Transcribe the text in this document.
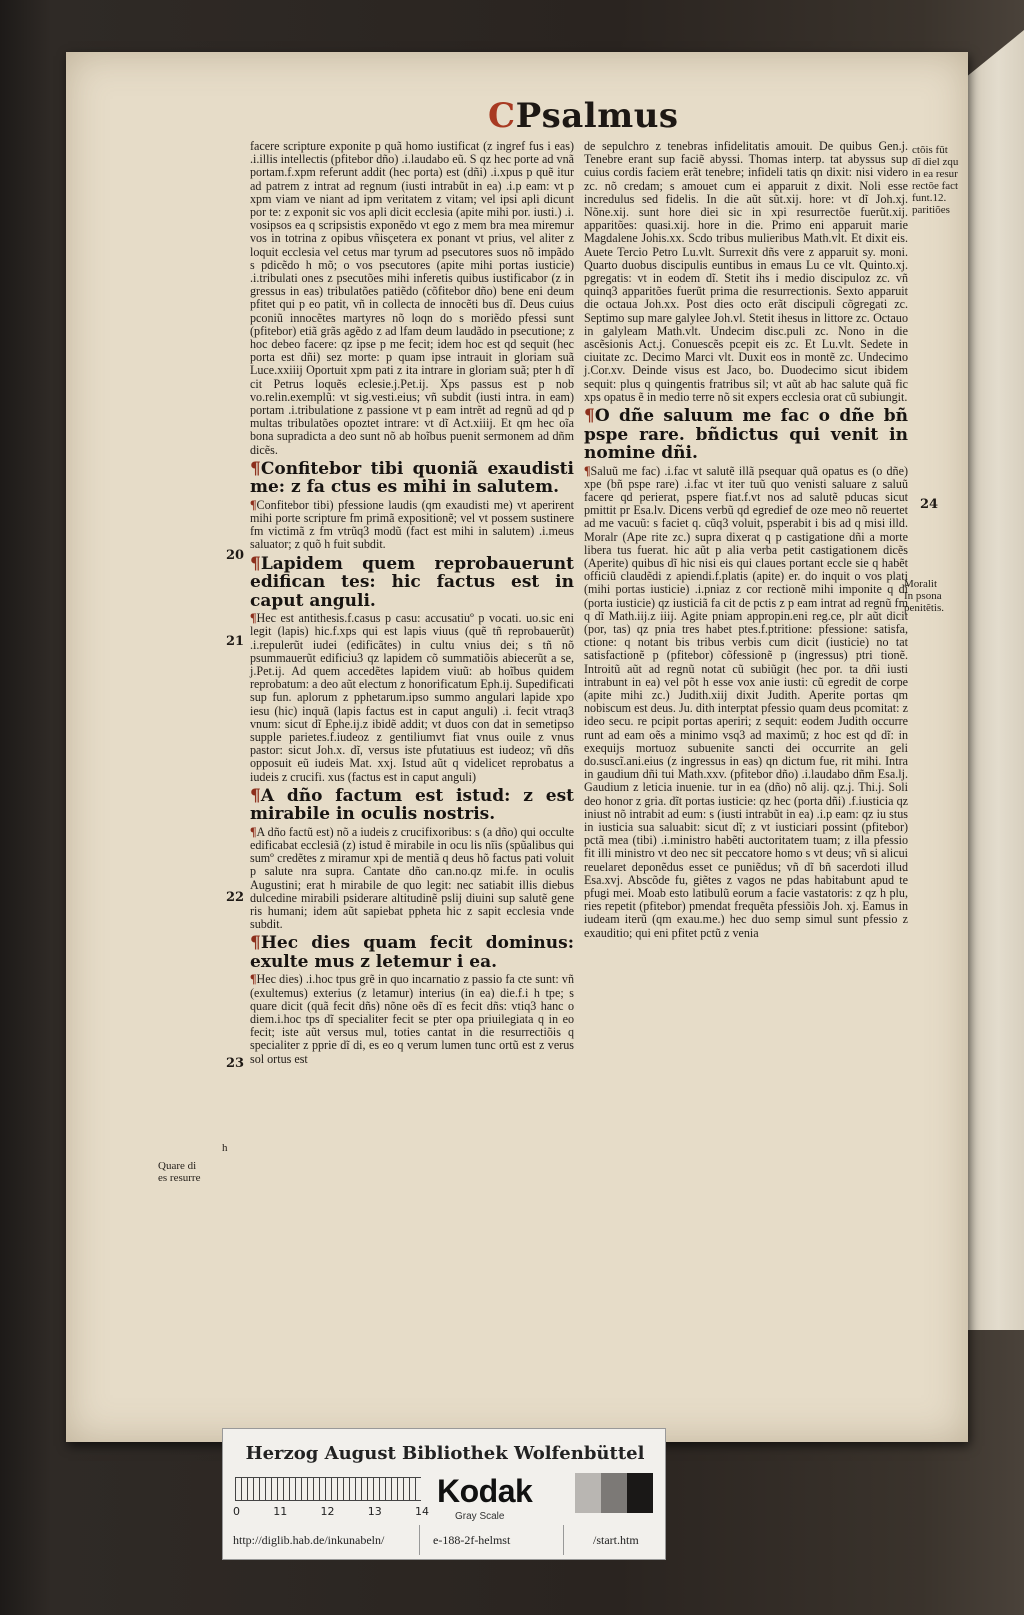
CPsalmus

facere scripture exponite p quã homo iustificat (z ingref fus i eas) .i.illis intellectis (pfitebor dño) .i.laudabo eũ. S qz hec porte ad vnã portam.f.xpm referunt addit (hec porta) est (dñi) .i.xpus p quẽ itur ad patrem z intrat ad regnum (iusti intrabũt in ea) .i.p eam: vt p xpm viam ve niant ad ipm veritatem z vitam; vel ipsi apli dicunt por te: z exponit sic vos apli dicit ecclesia (apite mihi por. iusti.) .i. vosipsos ea q scripsistis exponẽdo vt ego z mem bra mea miremur vos in totrina z opibus vñisçetera ex ponant vt prius, vel aliter z loquit ecclesia vel cetus mar tyrum ad psecutores suos nõ impãdo s pdicẽdo h mõ; o vos psecutores (apite mihi portas iusticie) .i.tribulati ones z psecutões mihi inferetis quibus iustificabor (z in gressus in eas) tribulatões patiẽdo (cõfitebor dño) bene eni deum pfitet qui p eo patit, vñ in collecta de innocẽti bus dĩ. Deus cuius pconiũ innocẽtes martyres nõ loqn do s moriẽdo pfessi sunt (pfitebor) etiã grãs agẽdo z ad lfam deum laudãdo in psecutione; z hoc debeo facere: qz ipse p me fecit; idem hoc est qd sequit (hec porta est dñi) sez morte: p quam ipse intrauit in gloriam suã Luce.xxiiij Oportuit xpm pati z ita intrare in gloriam suã; pter h dĩ cit Petrus loquẽs eclesie.j.Pet.ij. Xps passus est p nob vo.relin.exemplũ: vt sig.vesti.eius; vñ subdit (iusti intra. in eam) portam .i.tribulatione z passione vt p eam intrẽt ad regnũ ad qd p multas tribulatões opoztet intrare: vt dĩ Act.xiiij. Et qm hec oĩa bona supradicta a deo sunt nõ ab hoĩbus puenit sermonem ad dñm dicẽs.

¶Confitebor tibi quoniã exaudisti me: z fa ctus es mihi in salutem.

¶Confitebor tibi) pfessione laudis (qm exaudisti me) vt aperirent mihi porte scripture fm primã expositionẽ; vel vt possem sustinere fm victimã z fm vtrũq3 modũ (fact est mihi in salutem) .i.meus saluator; z quõ h fuit subdit.

¶Lapidem quem reprobauerunt edifican tes: hic factus est in caput anguli.

¶Hec est antithesis.f.casus p casu: accusatiuº p vocati. uo.sic eni legit (lapis) hic.f.xps qui est lapis viuus (quẽ tñ reprobauerũt) .i.repulerũt iudei (edificãtes) in cultu vnius dei; s tñ nõ psummauerũt edificiu3 qz lapidem cõ summatiõis abiecerũt a se, j.Pet.ij. Ad quem accedẽtes lapidem viuũ: ab hoĩbus quidem reprobatum: a deo aũt electum z honorificatum Eph.ij. Supedificati sup fun. aplorum z pphetarum.ipso summo angulari lapide xpo iesu (hic) inquã (lapis factus est in caput anguli) .i. fecit vtraq3 vnum: sicut dĩ Ephe.ij.z ibidẽ addit; vt duos con dat in semetipso supple parietes.f.iudeoz z gentiliumvt fiat vnus ouile z vnus pastor: sicut Joh.x. dĩ, versus iste pfutatiuus est iudeoz; vñ dñs opposuit eũ iudeis Mat. xxj. Istud aũt q videlicet reprobatus a iudeis z crucifi. xus (factus est in caput anguli)

¶A dño factum est istud: z est mirabile in oculis nostris.

¶A dño factũ est) nõ a iudeis z crucifixoribus: s (a dño) qui occulte edificabat ecclesiã (z) istud ẽ mirabile in ocu lis nĩis (spũalibus qui sumº credẽtes z miramur xpi de mentiã q deus hõ factus pati voluit p salute nra supra. Cantate dño can.no.qz mi.fe. in oculis Augustini; erat h mirabile de quo legit: nec satiabit illis diebus dulcedine mirabili psiderare altitudinẽ pslij diuini sup salutẽ gene ris humani; idem aũt sapiebat ppheta hic z sapit ecclesia vnde subdit.

¶Hec dies quam fecit dominus: exulte mus z letemur i ea.

¶Hec dies) .i.hoc tpus grẽ in quo incarnatio z passio fa cte sunt: vñ (exultemus) exterius (z letamur) interius (in ea) die.f.i h tpe; s quare dicit (quã fecit dñs) nõne oẽs dĩ es fecit dñs: vtiq3 hanc o diem.i.hoc tps dĩ specialiter fecit se pter opa priuilegiata q in eo fecit; iste aũt versus mul, toties cantat in die resurrectiõis q specialiter z pprie dĩ di, es eo q verum lumen tunc ortũ est z verus sol ortus est

de sepulchro z tenebras infidelitatis amouit. De quibus Gen.j. Tenebre erant sup faciẽ abyssi. Thomas interp. tat abyssus sup cuius cordis faciem erãt tenebre; infideli tatis qn dixit: nisi videro zc. nõ credam; s amouet cum ei apparuit z dixit. Noli esse incredulus sed fidelis. In die aũt sũt.xij. hore: vt dĩ Joh.xj. Nõne.xij. sunt hore diei sic in xpi resurrectõe fuerũt.xij. apparitões: quasi.xij. hore in die. Primo eni apparuit marie Magdalene Johis.xx. Scdo tribus mulieribus Math.vlt. Et dixit eis. Auete Tercio Petro Lu.vlt. Surrexit dñs vere z apparuit sy. moni. Quarto duobus discipulis euntibus in emaus Lu ce vlt. Quinto.xj. pgregatis: vt in eodem dĩ. Stetit ihs i medio discipuloz zc. vñ quinq3 apparitões fuerũt prima die resurrectionis. Sexto apparuit die octaua Joh.xx. Post dies octo erãt discipuli cõgregati zc. Septimo sup mare galylee Joh.vl. Stetit ihesus in littore zc. Octauo in galyleam Math.vlt. Undecim disc.puli zc. Nono in die ascẽsionis Act.j. Conuescẽs pcepit eis zc. Et Lu.vlt. Sedete in ciuitate zc. Decimo Marci vlt. Duxit eos in montẽ zc. Undecimo j.Cor.xv. Deinde visus est Jaco, bo. Duodecimo sicut ibidem sequit: plus q quingentis fratribus sil; vt aũt ab hac salute quã fic xps opatus ẽ in medio terre nõ sit expers ecclesia orat cũ subiungit.

¶O dñe saluum me fac o dñe bñ pspe rare. bñdictus qui venit in nomine dñi.

¶Saluũ me fac) .i.fac vt salutẽ illã psequar quã opatus es (o dñe) xpe (bñ pspe rare) .i.fac vt iter tuũ quo venisti saluare z saluũ facere qd perierat, pspere fiat.f.vt nos ad salutẽ pducas sicut pmittit pr Esa.lv. Dicens verbũ qd egredief de oze meo nõ reuertet ad me vacuũ: s faciet q. cũq3 voluit, psperabit i bis ad q misi illd. Moralr (Ape rite zc.) supra dixerat q p castigatione dñi a morte libera tus fuerat. hic aũt p alia verba petit castigationem dicẽs (Aperite) quibus dĩ hic nisi eis qui claues portant eccle sie q habẽt officiũ claudẽdi z apiendi.f.platis (apite) er. do inquit o vos plati (mihi portas iusticie) .i.pniaz z cor rectionẽ mihi imponite q dĩ (porta iusticie) qz iusticiã fa cit de pctis z p eam intrat ad regnũ fm q dĩ Math.iij.z iiij. Agite pniam appropin.eni reg.ce, plr aũt dicit (por, tas) qz pnia tres habet ptes.f.ptritione: pfessione: satisfa, ctione: q notant bis tribus verbis cum dicit (iusticie) no tat satisfactionẽ p (pfitebor) cõfessionẽ p (ingressus) ptri tionẽ. Introitũ aũt ad regnũ notat cũ subiũgit (hec por. ta dñi iusti intrabunt in ea) vel põt h esse vox anie iusti: cũ egredit de corpe (apite mihi zc.) Judith.xiij dixit Judith. Aperite portas qm nobiscum est deus. Ju. dith interptat pfessio quam deus pcomitat: z ideo secu. re pcipit portas aperiri; z sequit: eodem Judith occurre runt ad eam oẽs a minimo vsq3 ad maximũ; z hoc est qd dĩ: in exequijs mortuoz subuenite sancti dei occurrite an geli do.suscĩ.ani.eius (z ingressus in eas) qn dictum fue, rit mihi. Intra in gaudium dñi tui Math.xxv. (pfitebor dño) .i.laudabo dñm Esa.lj. Gaudium z leticia inuenie. tur in ea (dño) nõ alij. qz.j. Thi.j. Soli deo honor z gria. dĩt portas iusticie: qz hec (porta dñi) .f.iusticia qz iniust nõ intrabit ad eum: s (iusti intrabũt in ea) .i.p eam: qz iu stus in iusticia sua saluabit: sicut dĩ; z vt iusticiari possint (pfitebor) pctã mea (tibi) .i.ministro habẽti auctoritatem tuam; z illa pfessio fit illi ministro vt deo nec sit peccatore homo s vt deus; vñ si alicui reuelaret deponẽdus esset ce puniẽdus; vñ dĩ bñ sacerdoti illud Esa.xvj. Abscõde fu, giẽtes z vagos ne pdas habitabunt apud te pfugi mei. Moab esto latibulũ eorum a facie vastatoris: z qz h plu, ries repetit (pfitebor) pmendat frequẽta pfessiõis Joh. xj. Eamus in iudeam iterũ (qm exau.me.) hec duo semp simul sunt pfessio z exauditio; qui eni pfitet pctũ z venia

20
21
22
23
24
h
Quare di
es resurre
ctõis fũt
dĩ diel zqu
in ea resur
rectõe fact
funt.12.
paritiões
Moralit
In psona
penitẽtis.
Herzog August Bibliothek Wolfenbüttel
0	11	12	13	14
Kodak
Gray Scale
http://diglib.hab.de/inkunabeln/	e-188-2f-helmst	/start.htm
